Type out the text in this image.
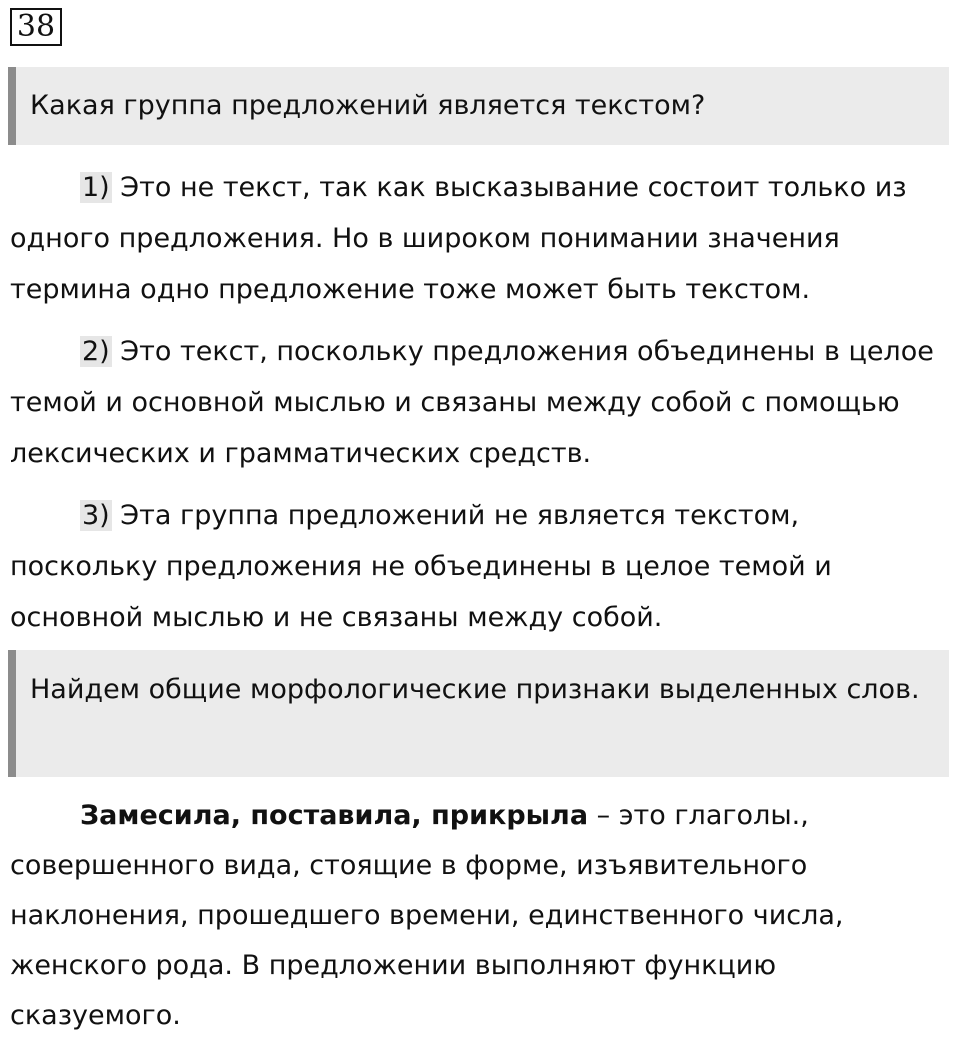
38
Какая группа предложений является текстом?
1) Это не текст, так как высказывание состоит только из одного предложения. Но в широком понимании значения термина одно предложение тоже может быть текстом.
2) Это текст, поскольку предложения объединены в целое темой и основной мыслью и связаны между собой с помощью лексических и грамматических средств.
3) Эта группа предложений не является текстом, поскольку предложения не объединены в целое темой и основной мыслью и не связаны между собой.
Найдем общие морфологические признаки выделенных слов.
Замесила, поставила, прикрыла – это глаголы., совершенного вида, стоящие в форме, изъявительного наклонения, прошедшего времени, единственного числа, женского рода. В предложении выполняют функцию сказуемого.
